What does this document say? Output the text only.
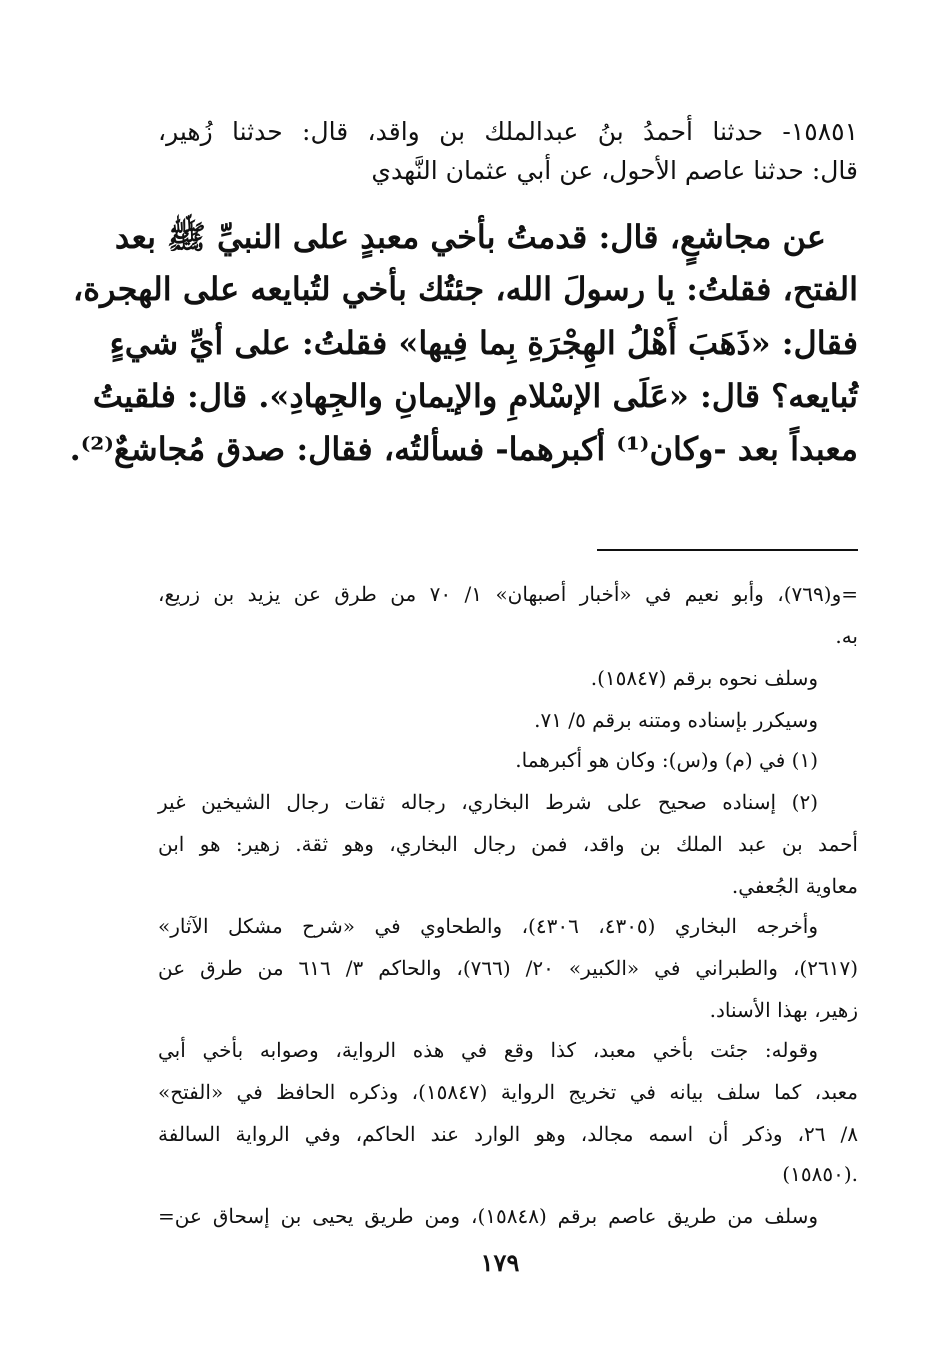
١٥٨٥١- حدثنا أحمدُ بنُ عبدالملك بن واقد، قال: حدثنا زُهير،
قال: حدثنا عاصم الأحول، عن أبي عثمان النَّهدي
عن مجاشعٍ، قال: قدمتُ بأخي معبدٍ على النبيِّ ﷺ بعد
الفتح، فقلتُ: يا رسولَ الله، جئتُك بأخي لتُبايعه على الهجرة،
فقال: «ذَهَبَ أَهْلُ الهِجْرَةِ بِما فِيها» فقلتُ: على أيِّ شيءٍ
تُبايعه؟ قال: «عَلَى الإسْلامِ والإيمانِ والجِهادِ». قال: فلقيتُ
معبداً بعد -وكان⁽¹⁾ أكبرهما- فسألتُه، فقال: صدق مُجاشعٌ⁽²⁾.
=و(٧٦٩)، وأبو نعيم في «أخبار أصبهان» ١/ ٧٠ من طرق عن يزيد بن زريع،
به.
وسلف نحوه برقم (١٥٨٤٧).
وسيكرر بإسناده ومتنه برقم ٥/ ٧١.
(١) في (م) و(س): وكان هو أكبرهما.
(٢) إسناده صحيح على شرط البخاري، رجاله ثقات رجال الشيخين غير
أحمد بن عبد الملك بن واقد، فمن رجال البخاري، وهو ثقة. زهير: هو ابن
معاوية الجُعفي.
وأخرجه البخاري (٤٣٠٥، ٤٣٠٦)، والطحاوي في «شرح مشكل الآثار»
(٢٦١٧)، والطبراني في «الكبير» ٢٠/ (٧٦٦)، والحاكم ٣/ ٦١٦ من طرق عن
زهير، بهذا الأسناد.
وقوله: جئت بأخي معبد، كذا وقع في هذه الرواية، وصوابه بأخي أبي
معبد، كما سلف بيانه في تخريج الرواية (١٥٨٤٧)، وذكره الحافظ في «الفتح»
٨/ ٢٦، وذكر أن اسمه مجالد، وهو الوارد عند الحاكم، وفي الرواية السالفة
(١٥٨٥٠).
وسلف من طريق عاصم برقم (١٥٨٤٨)، ومن طريق يحيى بن إسحاق عن=
١٧٩
